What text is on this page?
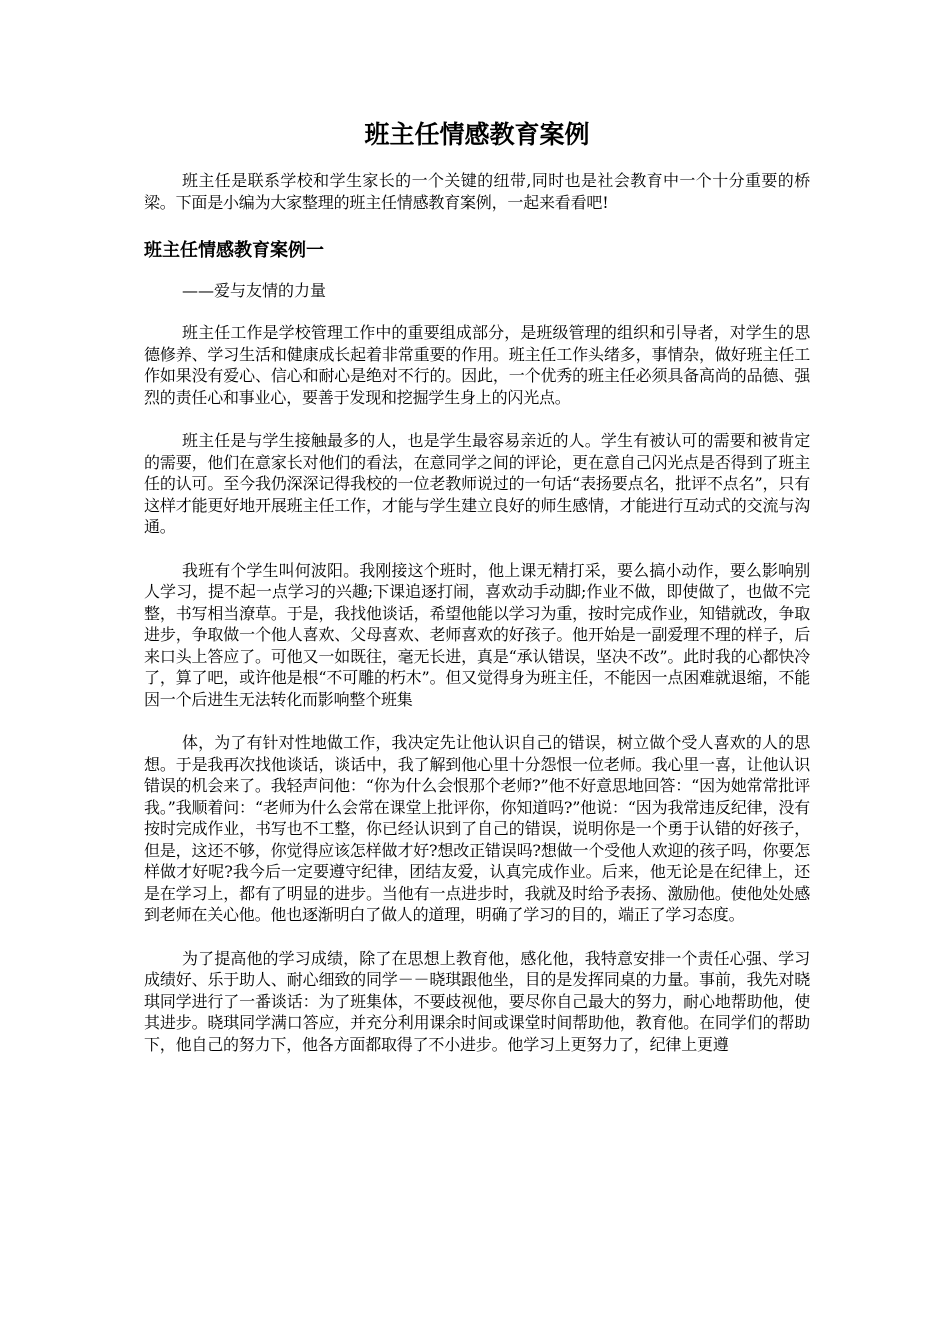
班主任情感教育案例

班主任是联系学校和学生家长的一个关键的纽带,同时也是社会教育中一个十分重要的桥梁。下面是小编为大家整理的班主任情感教育案例，一起来看看吧!

班主任情感教育案例一

——爱与友情的力量

班主任工作是学校管理工作中的重要组成部分，是班级管理的组织和引导者，对学生的思德修养、学习生活和健康成长起着非常重要的作用。班主任工作头绪多，事情杂，做好班主任工作如果没有爱心、信心和耐心是绝对不行的。因此，一个优秀的班主任必须具备高尚的品德、强烈的责任心和事业心，要善于发现和挖掘学生身上的闪光点。

班主任是与学生接触最多的人，也是学生最容易亲近的人。学生有被认可的需要和被肯定的需要，他们在意家长对他们的看法，在意同学之间的评论，更在意自己闪光点是否得到了班主任的认可。至今我仍深深记得我校的一位老教师说过的一句话“表扬要点名，批评不点名”，只有这样才能更好地开展班主任工作，才能与学生建立良好的师生感情，才能进行互动式的交流与沟通。

我班有个学生叫何波阳。我刚接这个班时，他上课无精打采，要么搞小动作，要么影响别人学习，提不起一点学习的兴趣;下课追逐打闹，喜欢动手动脚;作业不做，即使做了，也做不完整，书写相当潦草。于是，我找他谈话，希望他能以学习为重，按时完成作业，知错就改，争取进步，争取做一个他人喜欢、父母喜欢、老师喜欢的好孩子。他开始是一副爱理不理的样子，后来口头上答应了。可他又一如既往，毫无长进，真是“承认错误，坚决不改”。此时我的心都快冷了，算了吧，或许他是根“不可雕的朽木”。但又觉得身为班主任，不能因一点困难就退缩，不能因一个后进生无法转化而影响整个班集

体，为了有针对性地做工作，我决定先让他认识自己的错误，树立做个受人喜欢的人的思想。于是我再次找他谈话，谈话中，我了解到他心里十分怨恨一位老师。我心里一喜，让他认识错误的机会来了。我轻声问他：“你为什么会恨那个老师?”他不好意思地回答：“因为她常常批评我。”我顺着问：“老师为什么会常在课堂上批评你，你知道吗?”他说：“因为我常违反纪律，没有按时完成作业，书写也不工整，你已经认识到了自己的错误，说明你是一个勇于认错的好孩子，但是，这还不够，你觉得应该怎样做才好?想改正错误吗?想做一个受他人欢迎的孩子吗，你要怎样做才好呢?我今后一定要遵守纪律，团结友爱，认真完成作业。后来，他无论是在纪律上，还是在学习上，都有了明显的进步。当他有一点进步时，我就及时给予表扬、激励他。使他处处感到老师在关心他。他也逐渐明白了做人的道理，明确了学习的目的，端正了学习态度。

为了提高他的学习成绩，除了在思想上教育他，感化他，我特意安排一个责任心强、学习成绩好、乐于助人、耐心细致的同学－－晓琪跟他坐，目的是发挥同桌的力量。事前，我先对晓琪同学进行了一番谈话：为了班集体，不要歧视他，要尽你自己最大的努力，耐心地帮助他，使其进步。晓琪同学满口答应，并充分利用课余时间或课堂时间帮助他，教育他。在同学们的帮助下，他自己的努力下，他各方面都取得了不小进步。他学习上更努力了，纪律上更遵
